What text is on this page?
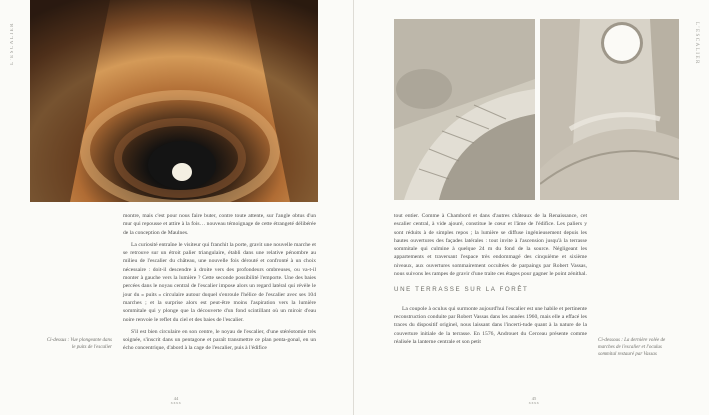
L'ESCALIER
Ci-dessus : Vue plongeante dans le puits de l'escalier

montre, mais c'est pour nous faire buter, contre toute attente, sur l'angle obtus d'un mur qui repousse et attire à la fois… nouveau témoignage de cette étrangeté délibérée de la conception de Maulnes.

La curiosité entraîne le visiteur qui franchit la porte, gravit une nouvelle marche et se retrouve sur un étroit palier triangulaire, établi dans une relative pénombre au milieu de l'escalier du château, une nouvelle fois dérouté et confronté à un choix nécessaire : doit-il descendre à droite vers des profondeurs ombreuses, ou va-t-il monter à gauche vers la lumière ? Cette seconde possibilité l'emporte. Une des baies percées dans le noyau central de l'escalier impose alors un regard latéral qui révèle le jour du « puits » circulaire autour duquel s'enroule l'hélice de l'escalier avec ses 104 marches ; et la surprise alors est peut-être moins l'aspiration vers la lumière sommitale qui y plonge que la découverte d'un fond scintillant où un miroir d'eau noire renvoie le reflet du ciel et des baies de l'escalier.

S'il est bien circulaire en son centre, le noyau de l'escalier, d'une stéréotomie très soignée, s'inscrit dans un pentagone et paraît transmettre ce plan penta-gonal, en un écho concentrique, d'abord à la cage de l'escalier, puis à l'édifice

44
XXXX
L'ESCALIER

tout entier. Comme à Chambord et dans d'autres châteaux de la Renaissance, cet escalier central, à vide ajouré, constitue le cœur et l'âme de l'édifice. Les paliers y sont réduits à de simples repos ; la lumière se diffuse ingénieusement depuis les hautes ouvertures des façades latérales : tout invite à l'ascension jusqu'à la terrasse sommitale qui culmine à quelque 24 m du fond de la source. Négligeant les appartements et traversant l'espace très endommagé des cinquième et sixième niveaux, aux ouvertures sommairement occultées de parpaings par Robert Vassas, nous suivons les rampes de gravir d'une traite ces étages pour gagner le point zénithal.

UNE TERRASSE SUR LA FORÊT

La coupole à oculus qui surmonte aujourd'hui l'escalier est une habile et pertinente reconstruction conduite par Robert Vassas dans les années 1960, mais elle a effacé les traces du dispositif originel, nous laissant dans l'incerti-tude quant à la nature de la couverture initiale de la terrasse. En 1576, Androuet du Cerceau présente comme réalisée la lanterne centrale et son petit	Ci-dessous : La dernière volée de marches de l'escalier et l'oculus sommital restauré par Vassas
45
XXXX
